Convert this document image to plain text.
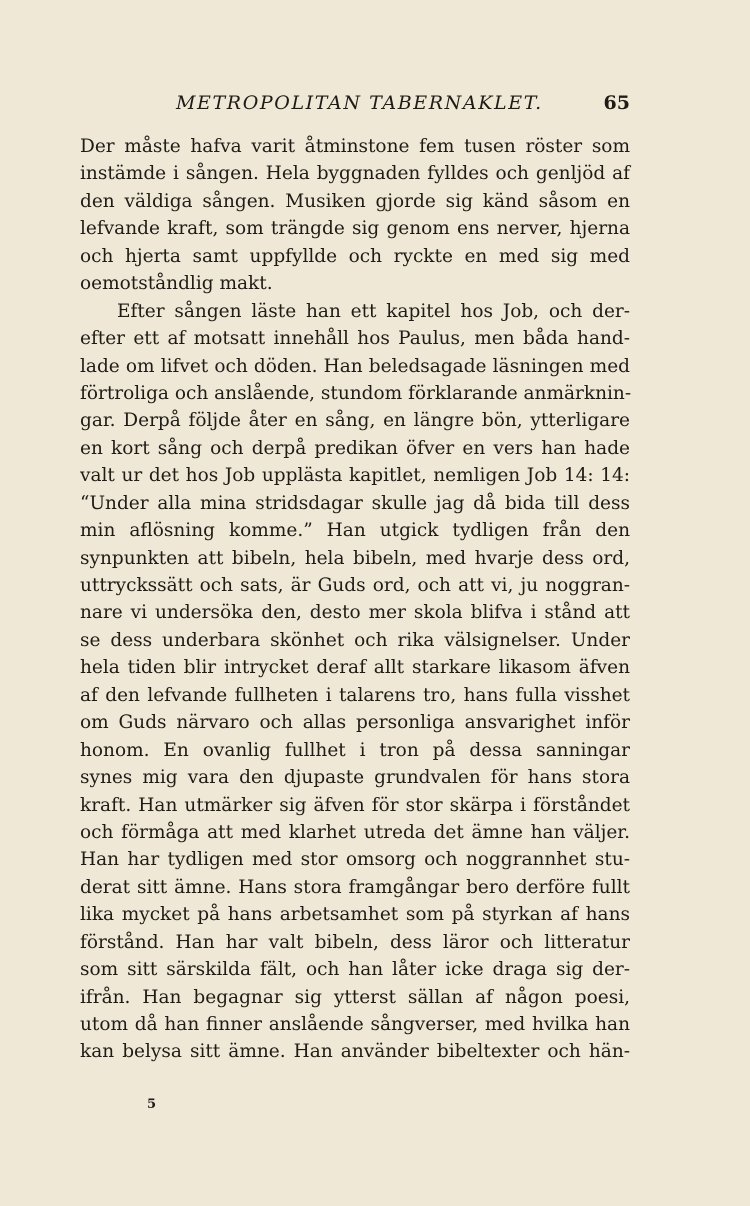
METROPOLITAN TABERNAKLET.	65
Der måste hafva varit åtminstone fem tusen röster som
instämde i sången. Hela byggnaden fylldes och genljöd af
den väldiga sången. Musiken gjorde sig känd såsom en
lefvande kraft, som trängde sig genom ens nerver, hjerna
och hjerta samt uppfyllde och ryckte en med sig med
oemotståndlig makt.
Efter sången läste han ett kapitel hos Job, och der-
efter ett af motsatt innehåll hos Paulus, men båda hand-
lade om lifvet och döden. Han beledsagade läsningen med
förtroliga och anslående, stundom förklarande anmärknin-
gar. Derpå följde åter en sång, en längre bön, ytterligare
en kort sång och derpå predikan öfver en vers han hade
valt ur det hos Job upplästa kapitlet, nemligen Job 14: 14:
“Under alla mina stridsdagar skulle jag då bida till dess
min aflösning komme.” Han utgick tydligen från den
synpunkten att bibeln, hela bibeln, med hvarje dess ord,
uttryckssätt och sats, är Guds ord, och att vi, ju noggran-
nare vi undersöka den, desto mer skola blifva i stånd att
se dess underbara skönhet och rika välsignelser. Under
hela tiden blir intrycket deraf allt starkare likasom äfven
af den lefvande fullheten i talarens tro, hans fulla visshet
om Guds närvaro och allas personliga ansvarighet inför
honom. En ovanlig fullhet i tron på dessa sanningar
synes mig vara den djupaste grundvalen för hans stora
kraft. Han utmärker sig äfven för stor skärpa i förståndet
och förmåga att med klarhet utreda det ämne han väljer.
Han har tydligen med stor omsorg och noggrannhet stu-
derat sitt ämne. Hans stora framgångar bero derföre fullt
lika mycket på hans arbetsamhet som på styrkan af hans
förstånd. Han har valt bibeln, dess läror och litteratur
som sitt särskilda fält, och han låter icke draga sig der-
ifrån. Han begagnar sig ytterst sällan af någon poesi,
utom då han finner anslående sångverser, med hvilka han
kan belysa sitt ämne. Han använder bibeltexter och hän-
5
